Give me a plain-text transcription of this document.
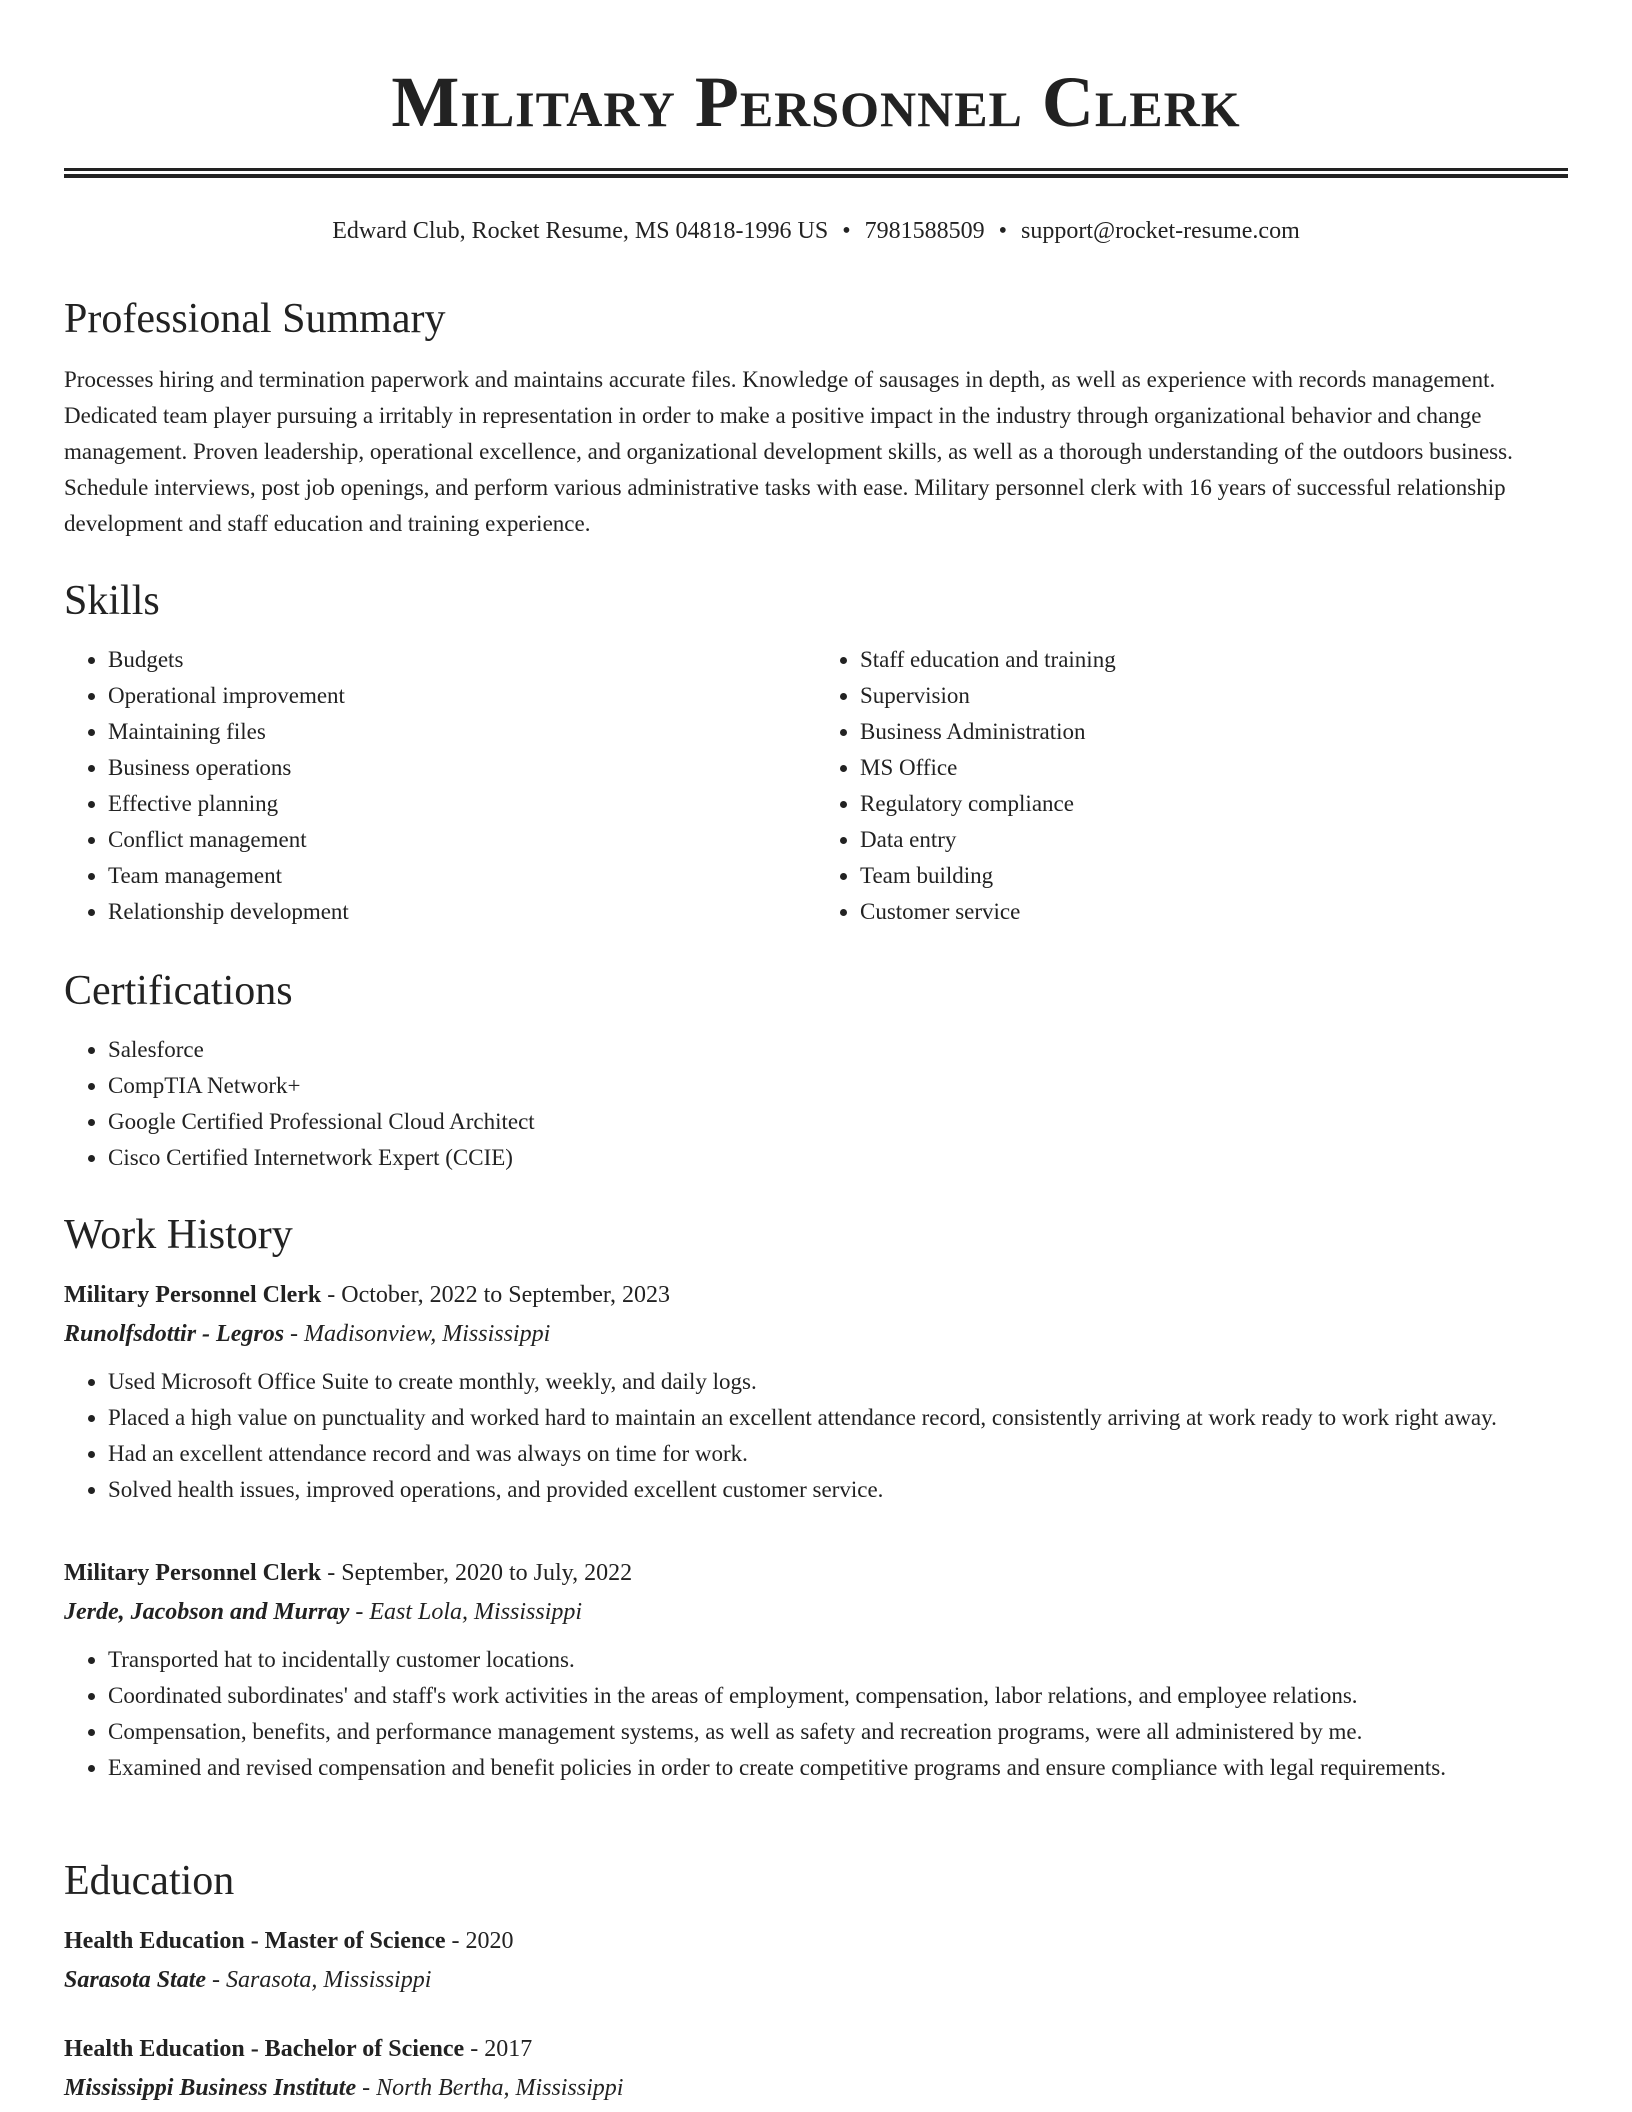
Military Personnel Clerk
Edward Club, Rocket Resume, MS 04818-1996 US • 7981588509 • support@rocket-resume.com
Professional Summary

Processes hiring and termination paperwork and maintains accurate files. Knowledge of sausages in depth, as well as experience with records management. Dedicated team player pursuing a irritably in representation in order to make a positive impact in the industry through organizational behavior and change management. Proven leadership, operational excellence, and organizational development skills, as well as a thorough understanding of the outdoors business. Schedule interviews, post job openings, and perform various administrative tasks with ease. Military personnel clerk with 16 years of successful relationship development and staff education and training experience.

Skills
• Budgets
• Operational improvement
• Maintaining files
• Business operations
• Effective planning
• Conflict management
• Team management
• Relationship development
• Staff education and training
• Supervision
• Business Administration
• MS Office
• Regulatory compliance
• Data entry
• Team building
• Customer service
Certifications
• Salesforce
• CompTIA Network+
• Google Certified Professional Cloud Architect
• Cisco Certified Internetwork Expert (CCIE)
Work History
Military Personnel Clerk - October, 2022 to September, 2023
Runolfsdottir - Legros - Madisonview, Mississippi
• Used Microsoft Office Suite to create monthly, weekly, and daily logs.
• Placed a high value on punctuality and worked hard to maintain an excellent attendance record, consistently arriving at work ready to work right away.
• Had an excellent attendance record and was always on time for work.
• Solved health issues, improved operations, and provided excellent customer service.
Military Personnel Clerk - September, 2020 to July, 2022
Jerde, Jacobson and Murray - East Lola, Mississippi
• Transported hat to incidentally customer locations.
• Coordinated subordinates' and staff's work activities in the areas of employment, compensation, labor relations, and employee relations.
• Compensation, benefits, and performance management systems, as well as safety and recreation programs, were all administered by me.
• Examined and revised compensation and benefit policies in order to create competitive programs and ensure compliance with legal requirements.
Education
Health Education - Master of Science - 2020
Sarasota State - Sarasota, Mississippi
Health Education - Bachelor of Science - 2017
Mississippi Business Institute - North Bertha, Mississippi
